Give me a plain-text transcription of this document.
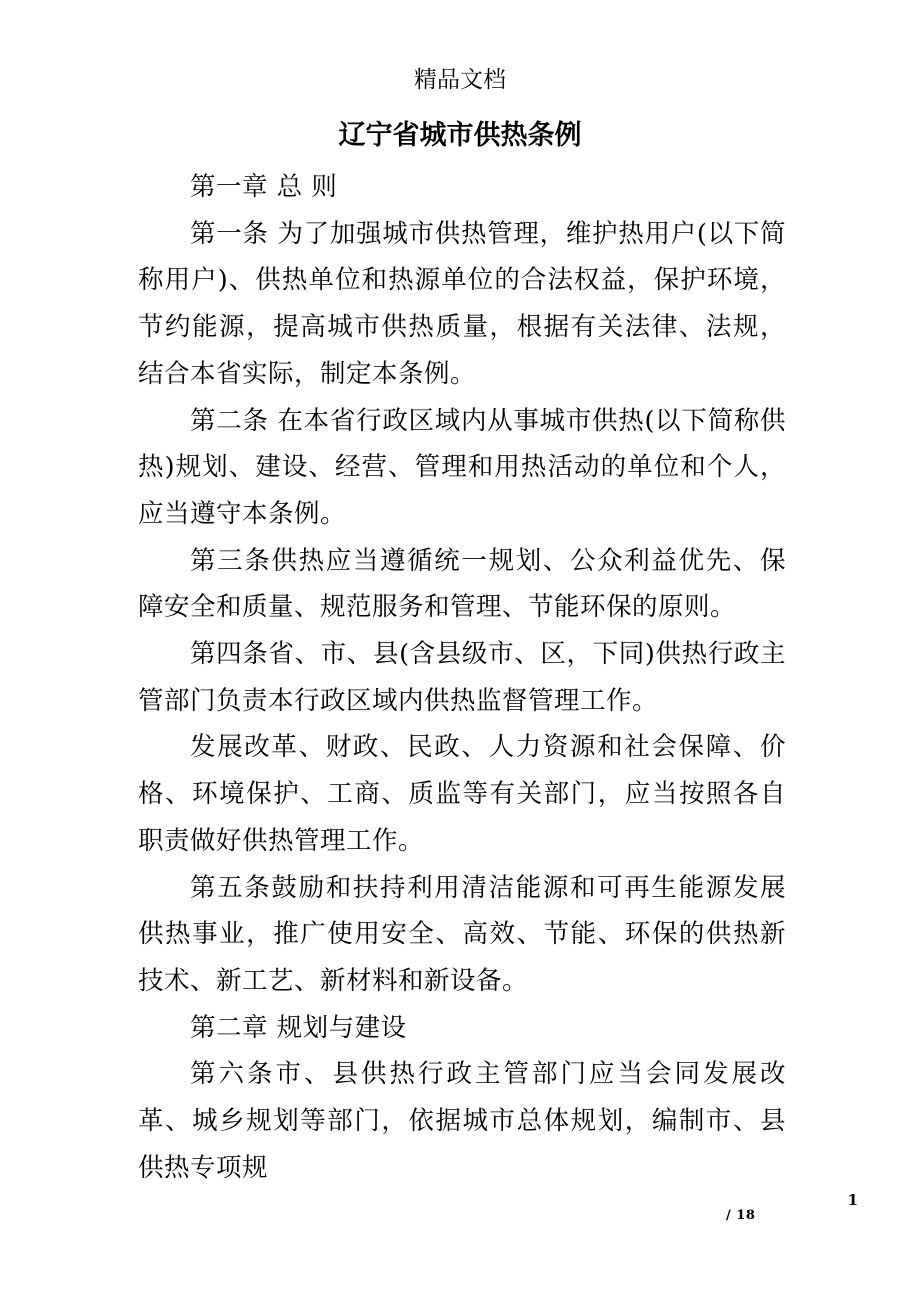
精品文档
辽宁省城市供热条例

第一章 总 则

第一条 为了加强城市供热管理，维护热用户(以下简称用户)、供热单位和热源单位的合法权益，保护环境，节约能源，提高城市供热质量，根据有关法律、法规，结合本省实际，制定本条例。

第二条 在本省行政区域内从事城市供热(以下简称供热)规划、建设、经营、管理和用热活动的单位和个人，应当遵守本条例。

第三条供热应当遵循统一规划、公众利益优先、保障安全和质量、规范服务和管理、节能环保的原则。

第四条省、市、县(含县级市、区，下同)供热行政主管部门负责本行政区域内供热监督管理工作。

发展改革、财政、民政、人力资源和社会保障、价格、环境保护、工商、质监等有关部门，应当按照各自职责做好供热管理工作。

第五条鼓励和扶持利用清洁能源和可再生能源发展供热事业，推广使用安全、高效、节能、环保的供热新技术、新工艺、新材料和新设备。

第二章 规划与建设

第六条市、县供热行政主管部门应当会同发展改革、城乡规划等部门，依据城市总体规划，编制市、县供热专项规

1
/ 18
